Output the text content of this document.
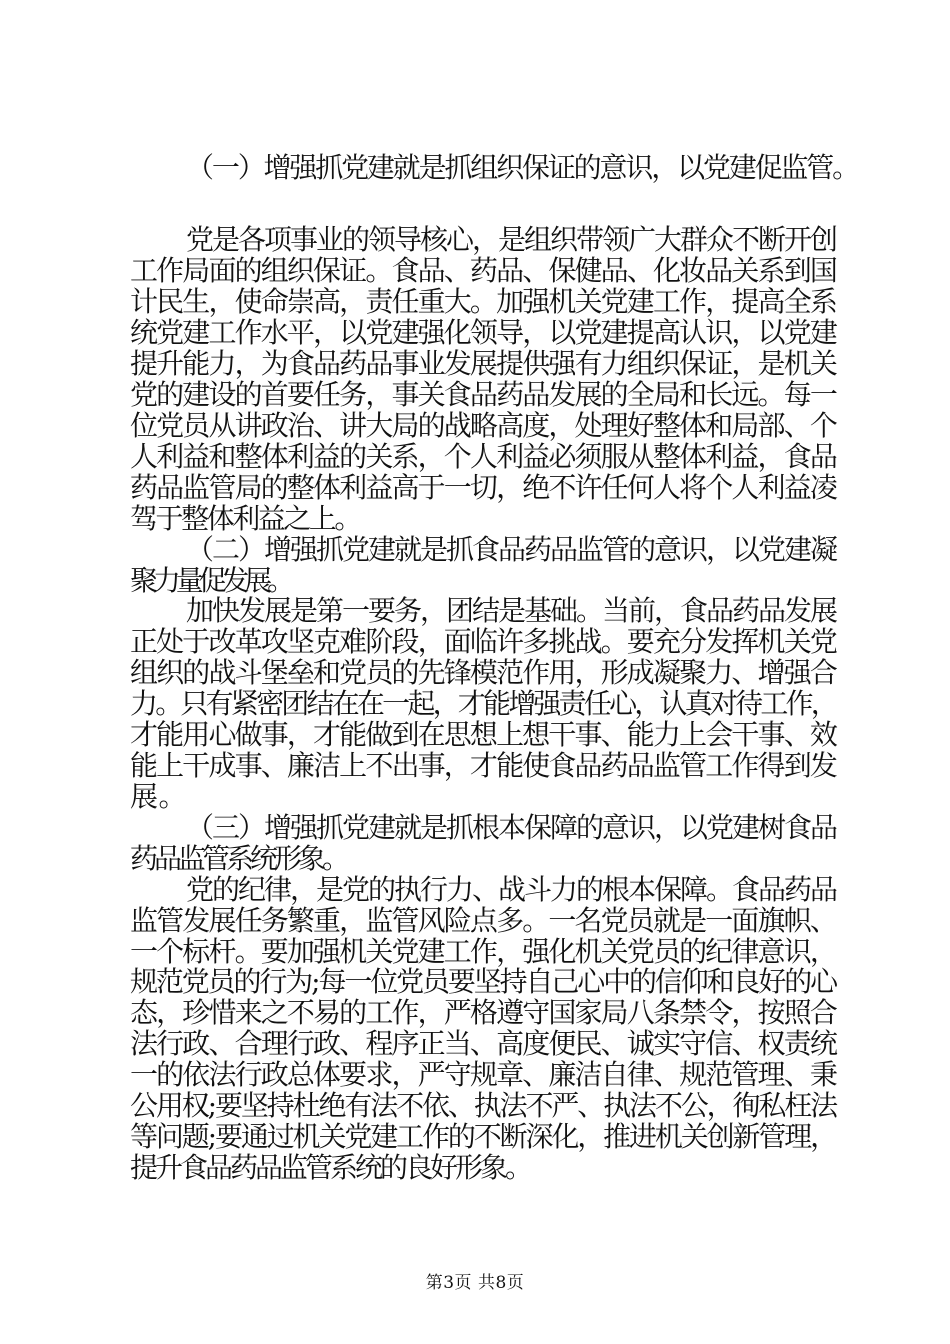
（一）增强抓党建就是抓组织保证的意识，以党建促监管。
党是各项事业的领导核心，是组织带领广大群众不断开创
工作局面的组织保证。食品、药品、保健品、化妆品关系到国
计民生，使命崇高，责任重大。加强机关党建工作，提高全系
统党建工作水平，以党建强化领导，以党建提高认识，以党建
提升能力，为食品药品事业发展提供强有力组织保证，是机关
党的建设的首要任务，事关食品药品发展的全局和长远。每一
位党员从讲政治、讲大局的战略高度，处理好整体和局部、个
人利益和整体利益的关系，个人利益必须服从整体利益，食品
药品监管局的整体利益高于一切，绝不许任何人将个人利益凌
驾于整体利益之上。
（二）增强抓党建就是抓食品药品监管的意识，以党建凝
聚力量促发展。
加快发展是第一要务，团结是基础。当前，食品药品发展
正处于改革攻坚克难阶段，面临许多挑战。要充分发挥机关党
组织的战斗堡垒和党员的先锋模范作用，形成凝聚力、增强合
力。只有紧密团结在在一起，才能增强责任心，认真对待工作，
才能用心做事，才能做到在思想上想干事、能力上会干事、效
能上干成事、廉洁上不出事，才能使食品药品监管工作得到发
展。
（三）增强抓党建就是抓根本保障的意识，以党建树食品
药品监管系统形象。
党的纪律，是党的执行力、战斗力的根本保障。食品药品
监管发展任务繁重，监管风险点多。一名党员就是一面旗帜、
一个标杆。要加强机关党建工作，强化机关党员的纪律意识，
规范党员的行为;每一位党员要坚持自己心中的信仰和良好的心
态，珍惜来之不易的工作，严格遵守国家局八条禁令，按照合
法行政、合理行政、程序正当、高度便民、诚实守信、权责统
一的依法行政总体要求，严守规章、廉洁自律、规范管理、秉
公用权;要坚持杜绝有法不依、执法不严、执法不公，徇私枉法
等问题;要通过机关党建工作的不断深化，推进机关创新管理，
提升食品药品监管系统的良好形象。
第3页 共8页
